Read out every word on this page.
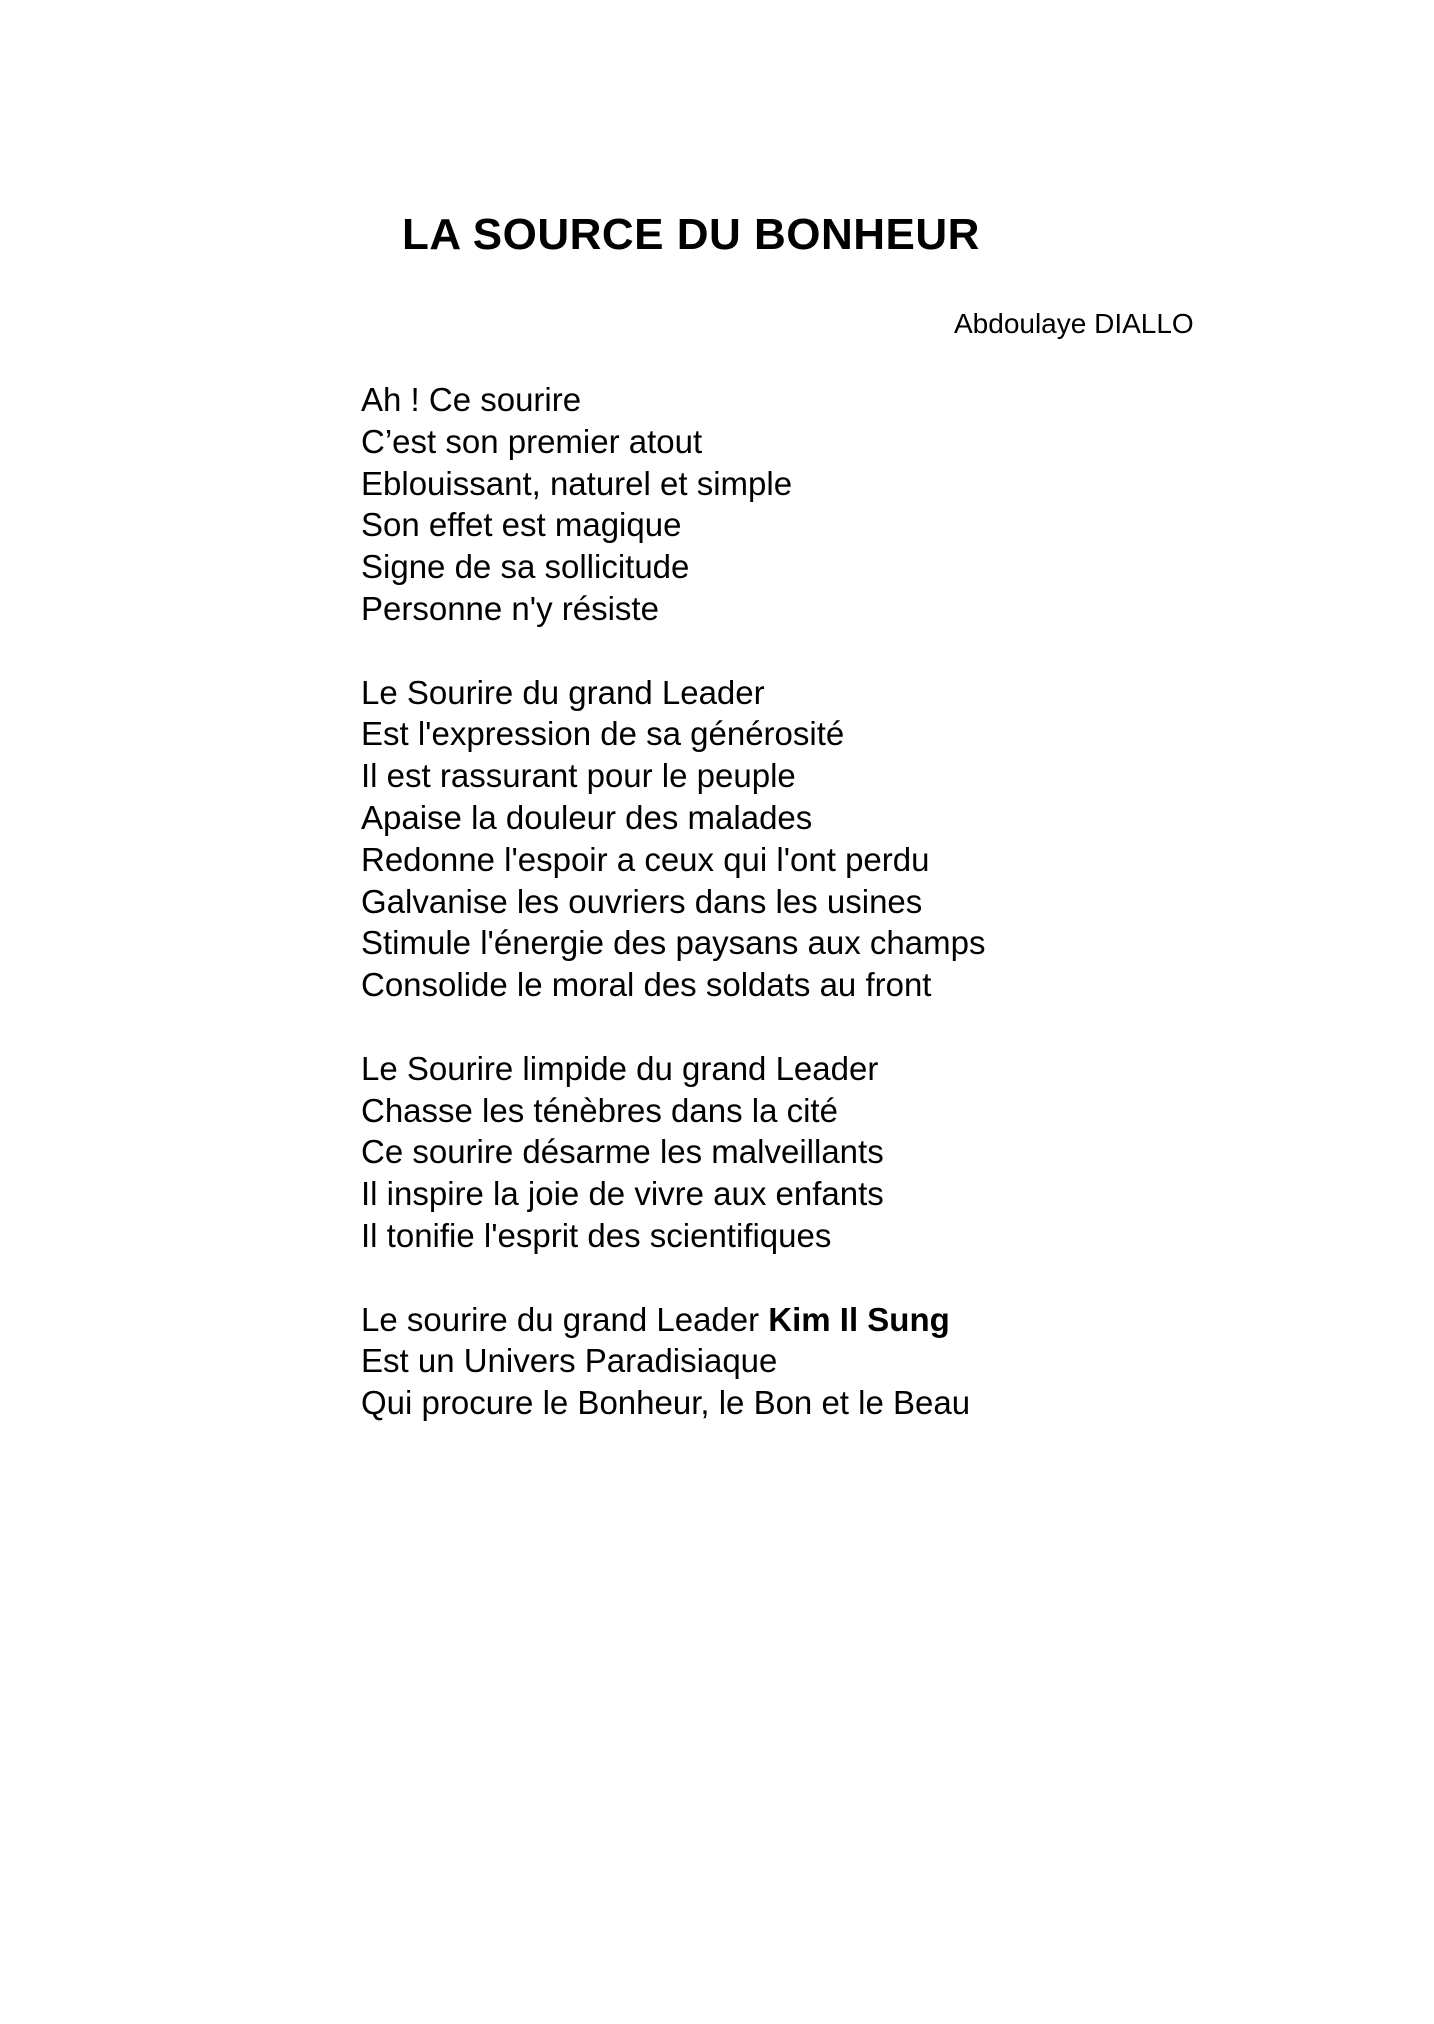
LA SOURCE DU BONHEUR

Abdoulaye DIALLO

Ah ! Ce sourire
C’est son premier atout
Eblouissant, naturel et simple
Son effet est magique
Signe de sa sollicitude
Personne n'y résiste
Le Sourire du grand Leader
Est l'expression de sa générosité
Il est rassurant pour le peuple
Apaise la douleur des malades
Redonne l'espoir a ceux qui l'ont perdu
Galvanise les ouvriers dans les usines
Stimule l'énergie des paysans aux champs
Consolide le moral des soldats au front
Le Sourire limpide du grand Leader
Chasse les ténèbres dans la cité
Ce sourire désarme les malveillants
Il inspire la joie de vivre aux enfants
Il tonifie l'esprit des scientifiques
Le sourire du grand Leader Kim Il Sung
Est un Univers Paradisiaque
Qui procure le Bonheur, le Bon et le Beau
